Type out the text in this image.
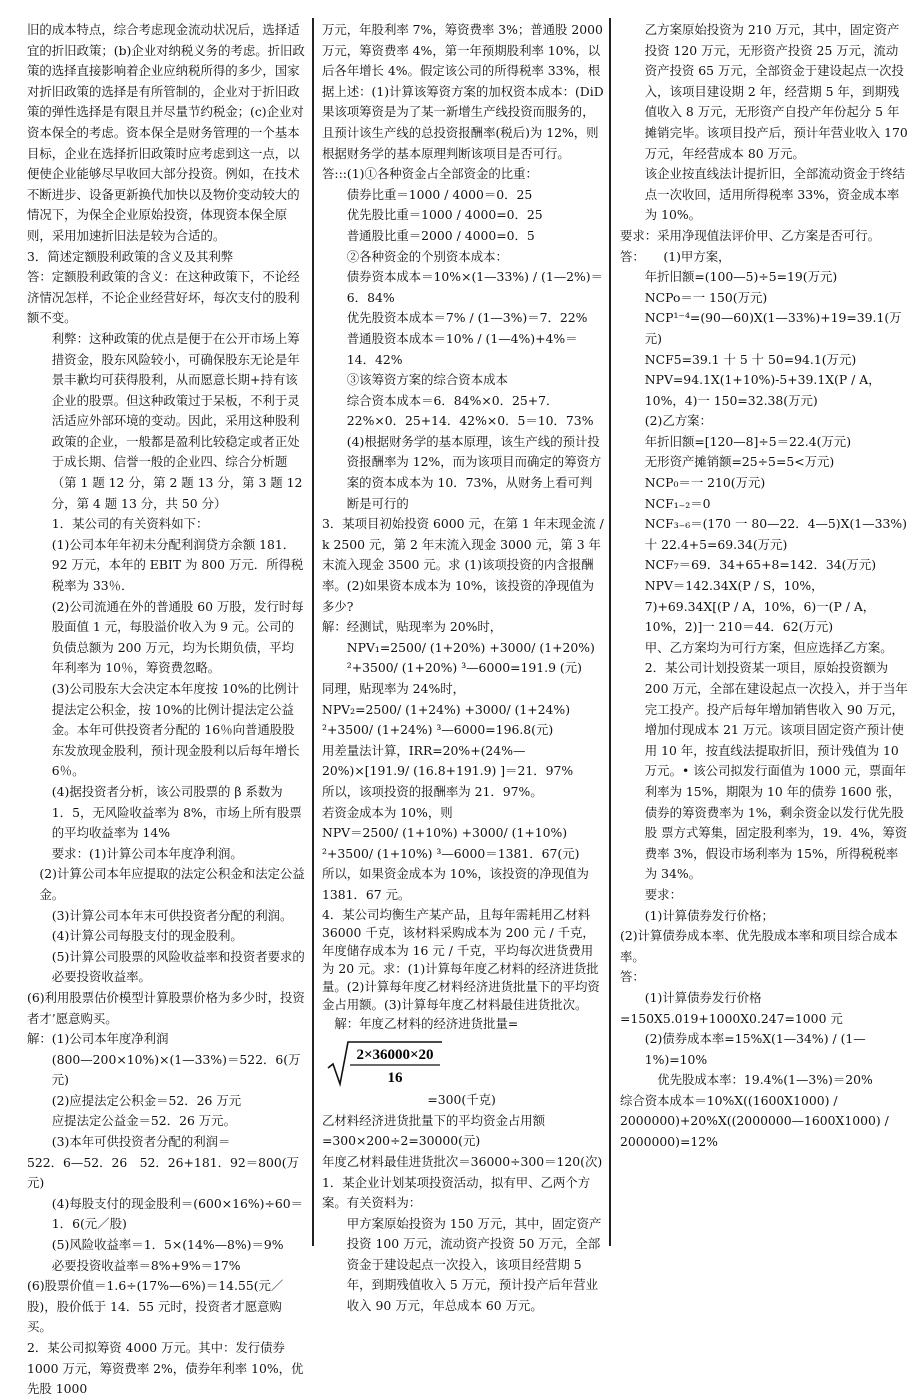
旧的成本特点，综合考虑现金流动状况后，选择适宜的折旧政策；(b)企业对纳税义务的考虑。折旧政策的选择直接影响着企业应纳税所得的多少，国家对折旧政策的选择是有所管制的，企业对于折旧政策的弹性选择是有限且并尽量节约税金；(c)企业对资本保全的考虑。资本保全是财务管理的一个基本目标，企业在选择折旧政策时应考虑到这一点，以便使企业能够尽早收回大部分投资。例如，在技术不断进步、设备更新换代加快以及物价变动较大的情况下，为保全企业原始投资，体现资本保全原则，采用加速折旧法是较为合适的。

3．简述定额股利政策的含义及其利弊

答：定额股利政策的含义：在这种政策下，不论经济情况怎样，不论企业经营好坏，每次支付的股利额不变。

利弊：这种政策的优点是便于在公开市场上筹措资金，股东风险较小，可确保股东无论是年景丰歉均可获得股利，从而愿意长期+持有该企业的股票。但这种政策过于呆板，不利于灵活适应外部环境的变动。因此，采用这种股利政策的企业，一般都是盈利比较稳定或者正处于成长期、信誉一般的企业四、综合分析题（第 1 题 12 分，第 2 题 13 分，第 3 题 12 分，第 4 题 13 分，共 50 分）

1．某公司的有关资料如下：

(1)公司本年年初未分配利润贷方余额 181．92 万元，本年的 EBIT 为 800 万元．所得税税率为 33％．

(2)公司流通在外的普通股 60 万股，发行时每股面值 1 元，每股溢价收入为 9 元。公司的负债总额为 200 万元，均为长期负债，平均年利率为 10％，筹资费忽略。

(3)公司股东大会决定本年度按 10%的比例计提法定公积金，按 10%的比例计提法定公益金。本年可供投资者分配的 16％向普通股股东发放现金股利，预计现金股利以后每年增长 6％。

(4)据投资者分析，该公司股票的 β 系数为 1．5，无风险收益率为 8%，市场上所有股票的平均收益率为 14%

要求：(1)计算公司本年度净利润。

(2)计算公司本年应提取的法定公积金和法定公益金。

(3)计算公司本年末可供投资者分配的利润。

(4)计算公司每股支付的现金股利。

(5)计算公司股票的风险收益率和投资者要求的必要投资收益率。

(6)利用股票估价模型计算股票价格为多少时，投资者才’愿意购买。

解：(1)公司本年度净利润

(800—200×10%)×(1—33%)＝522．6(万元)

(2)应提法定公积金＝52．26 万元

应提法定公益金＝52．26 万元。

(3)本年可供投资者分配的利润＝

522．6—52．26　52．26+181．92＝800(万元)

(4)每股支付的现金股利＝(600×16%)÷60＝1．6(元／股)

(5)风险收益率＝1．5×(14%—8%)＝9%

必要投资收益率＝8%+9%＝17%

(6)股票价值＝1.6÷(17%—6%)＝14.55(元／股)，股价低于 14．55 元时，投资者才愿意购买。

2．某公司拟筹资 4000 万元。其中：发行债券 1000 万元，筹资费率 2%，债券年利率 10%，优先股 1000

万元，年股利率 7%，筹资费率 3%；普通股 2000 万元，筹资费率 4%，第一年预期股利率 10%，以后各年增长 4%。假定该公司的所得税率 33%，根据上述：(1)计算该筹资方案的加权资本成本：(DiD 果该项筹资是为了某一新增生产线投资而服务的，且预计该生产线的总投资报酬率(税后)为 12%，则根据财务学的基本原理判断该项目是否可行。

答:::(1)①各种资金占全部资金的比重：

债券比重＝1000 / 4000＝0．25

优先股比重＝1000 / 4000=0．25

普通股比重＝2000 / 4000=0．5

②各种资金的个别资本成本：

债券资本成本＝10%×(1—33%) / (1—2%)＝6．84%

优先股资本成本＝7% / (1—3%)＝7．22%

普通股资本成本＝10% / (1—4%)+4%＝14．42%

③该筹资方案的综合资本成本

综合资本成本＝6．84%×0．25+7．22%×0．25+14．42%×0．5＝10．73%

(4)根据财务学的基本原理，该生产线的预计投资报酬率为 12%，而为该项目而确定的筹资方案的资本成本为 10．73%，从财务上看可判断是可行的

3．某项目初始投资 6000 元，在第 1 年末现金流 / k 2500 元，第 2 年末流入现金 3000 元，第 3 年末流入现金 3500 元。求 (1)该项投资的内含报酬率。(2)如果资本成本为 10%，该投资的净现值为多少?

解：经测试，贴现率为 20%时，

NPV₁=2500/ (1+20%) +3000/ (1+20%) ²+3500/ (1+20%) ³—6000=191.9 (元)

同理，贴现率为 24%时，

NPV₂=2500/ (1+24%) +3000/ (1+24%) ²+3500/ (1+24%) ³—6000=196.8(元)

用差量法计算，IRR=20%+(24%—20%)×[191.9/ (16.8+191.9) ]＝21．97%

所以，该项投资的报酬率为 21．97%。

若资金成本为 10%，则

NPV＝2500/ (1+10%) +3000/ (1+10%) ²+3500/ (1+10%) ³—6000＝1381．67(元)

所以，如果资金成本为 10%，该投资的净现值为 1381．67 元。

4．某公司均衡生产某产品，且每年需耗用乙材料 36000 千克，该材料采购成本为 200 元 / 千克，年度储存成本为 16 元 / 千克，平均每次进货费用为 20 元。求：(1)计算每年度乙材料的经济进货批量。(2)计算每年度乙材料经济进货批量下的平均资金占用额。(3)计算每年度乙材料最佳进货批次。

解：年度乙材料的经济进货批量=

2×36000×20
16

=300(千克)

乙材料经济进货批量下的平均资金占用额

=300×200÷2=30000(元)

年度乙材料最佳进货批次＝36000÷300＝120(次)

1．某企业计划某项投资活动，拟有甲、乙两个方案。有关资料为：

甲方案原始投资为 150 万元，其中，固定资产投资 100 万元，流动资产投资 50 万元，全部资金于建设起点一次投入，该项目经营期 5 年，到期残值收入 5 万元，预计投产后年营业收入 90 万元，年总成本 60 万元。

乙方案原始投资为 210 万元，其中，固定资产投资 120 万元，无形资产投资 25 万元，流动资产投资 65 万元，全部资金于建设起点一次投入，该项目建设期 2 年，经营期 5 年，到期残值收入 8 万元，无形资产自投产年份起分 5 年摊销完毕。该项目投产后，预计年营业收入 170 万元，年经营成本 80 万元。

该企业按直线法计提折旧，全部流动资金于终结点一次收回，适用所得税率 33%，资金成本率为 10%。

要求：采用净现值法评价甲、乙方案是否可行。

答：　　(1)甲方案，

年折旧额=(100—5)÷5=19(万元)

NCPo＝一 150(万元)

NCP¹⁻⁴=(90—60)X(1—33%)+19=39.1(万元)

NCF5=39.1 十 5 十 50=94.1(万元)

NPV=94.1X(1+10%)-5+39.1X(P / A，10%，4)一 150=32.38(万元)

(2)乙方案：

年折旧额=[120—8]÷5＝22.4(万元)

无形资产摊销额=25÷5=5<万元)

NCP₀＝一 210(万元)

NCF₁₋₂＝0

NCF₃₋₆＝(170 一 80—22．4—5)X(1—33%)十 22.4+5=69.34(万元)

NCF₇＝69．34+65+8=142．34(万元)

NPV＝142.34X(P / S，10%，7)+69.34X[(P / A，10%，6)一(P / A，10%，2)]一 210＝44．62(万元)

甲、乙方案均为可行方案，但应选择乙方案。

2．某公司计划投资某一项目，原始投资额为 200 万元，全部在建设起点一次投入，并于当年完工投产。投产后每年增加销售收入 90 万元，增加付现成本 21 万元。该项目固定资产预计使用 10 年，按直线法提取折旧，预计残值为 10 万元。• 该公司拟发行面值为 1000 元，票面年 利率为 15%，期限为 10 年的债券 1600 张，债券的筹资费率为 1%，剩余资金以发行优先股股 票方式筹集，固定股利率为，19．4%，筹资费率 3%，假设市场利率为 15%，所得税税率为 34%。

要求：

(1)计算债券发行价格；

(2)计算债券成本率、优先股成本率和项目综合成本率。

答：

(1)计算债券发行价格

=150X5.019+1000X0.247=1000 元

(2)债券成本率=15%X(1—34%) / (1—1%)=10%

优先股成本率：19.4%(1—3%)＝20%

综合资本成本＝10%X((1600X1000) / 2000000)+20%X((2000000—1600X1000) / 2000000)=12%
